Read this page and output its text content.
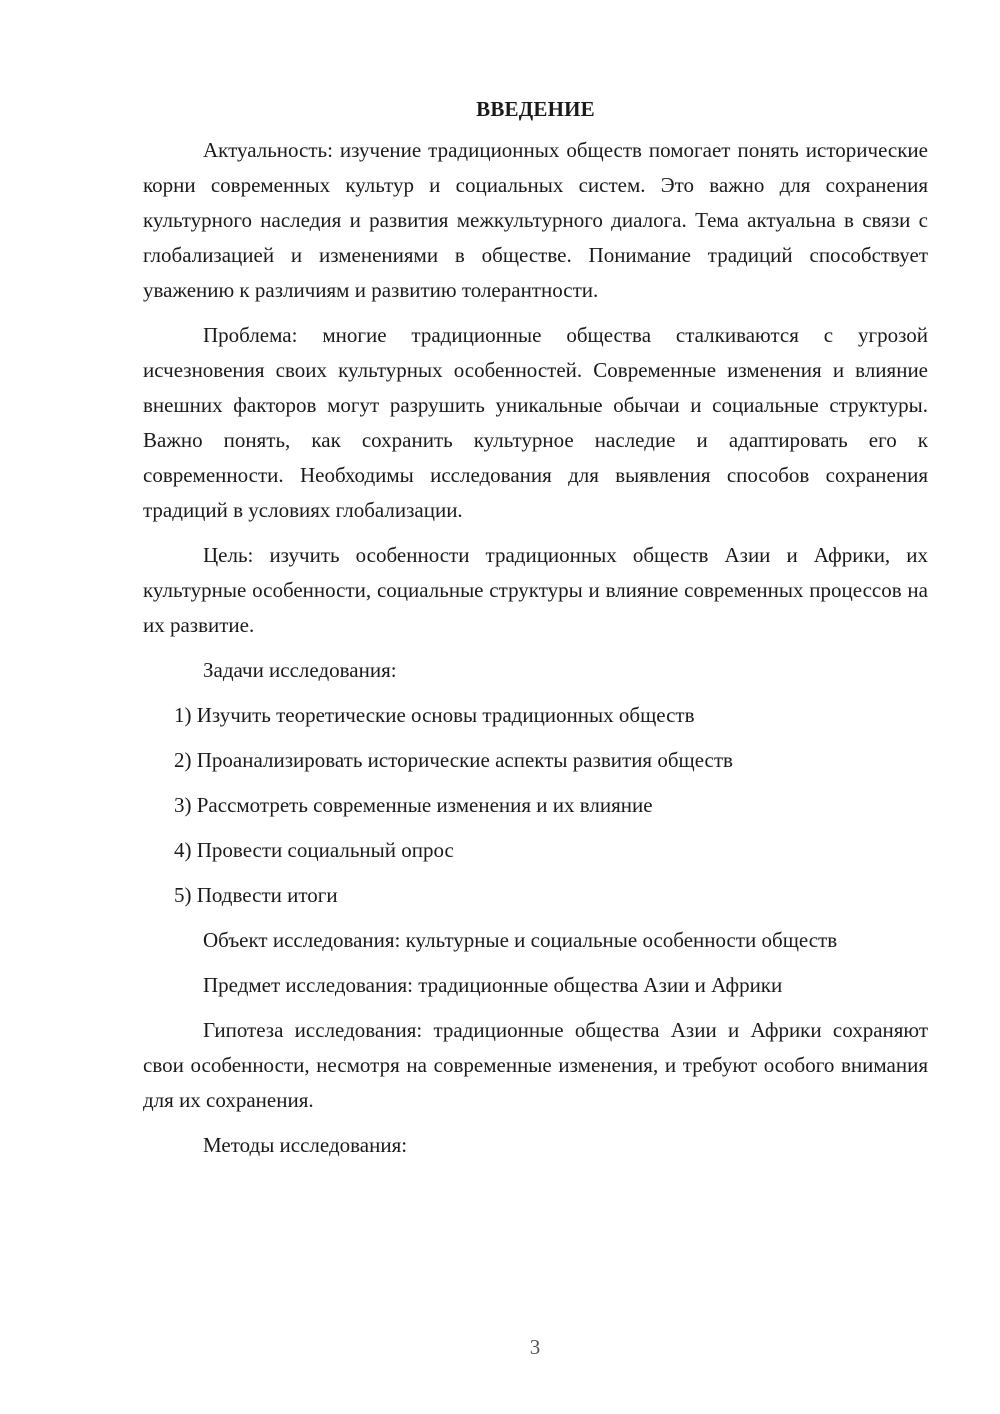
ВВЕДЕНИЕ

Актуальность: изучение традиционных обществ помогает понять исторические корни современных культур и социальных систем. Это важно для сохранения культурного наследия и развития межкультурного диалога. Тема актуальна в связи с глобализацией и изменениями в обществе. Понимание традиций способствует уважению к различиям и развитию толерантности.

Проблема: многие традиционные общества сталкиваются с угрозой исчезновения своих культурных особенностей. Современные изменения и влияние внешних факторов могут разрушить уникальные обычаи и социальные структуры. Важно понять, как сохранить культурное наследие и адаптировать его к современности. Необходимы исследования для выявления способов сохранения традиций в условиях глобализации.

Цель: изучить особенности традиционных обществ Азии и Африки, их культурные особенности, социальные структуры и влияние современных процессов на их развитие.

Задачи исследования:

1) Изучить теоретические основы традиционных обществ
2) Проанализировать исторические аспекты развития обществ
3) Рассмотреть современные изменения и их влияние
4) Провести социальный опрос
5) Подвести итоги

Объект исследования: культурные и социальные особенности обществ

Предмет исследования: традиционные общества Азии и Африки

Гипотеза исследования: традиционные общества Азии и Африки сохраняют свои особенности, несмотря на современные изменения, и требуют особого внимания для их сохранения.

Методы исследования:

3
